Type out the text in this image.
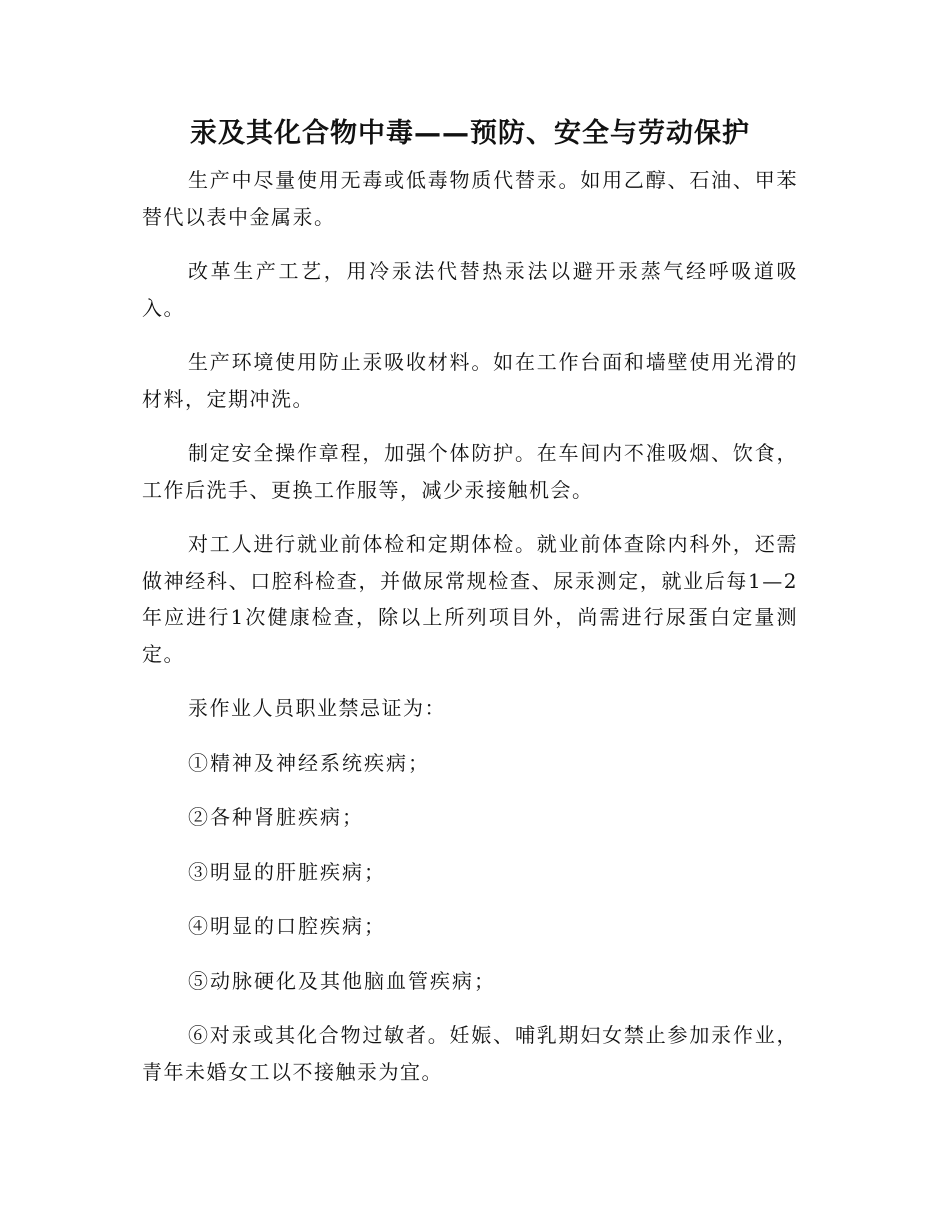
汞及其化合物中毒——预防、安全与劳动保护

生产中尽量使用无毒或低毒物质代替汞。如用乙醇、石油、甲苯替代以表中金属汞。

改革生产工艺，用冷汞法代替热汞法以避开汞蒸气经呼吸道吸入。

生产环境使用防止汞吸收材料。如在工作台面和墙壁使用光滑的材料，定期冲洗。

制定安全操作章程，加强个体防护。在车间内不准吸烟、饮食，工作后洗手、更换工作服等，减少汞接触机会。

对工人进行就业前体检和定期体检。就业前体查除内科外，还需做神经科、口腔科检查，并做尿常规检查、尿汞测定，就业后每1—2年应进行1次健康检查，除以上所列项目外，尚需进行尿蛋白定量测定。

汞作业人员职业禁忌证为：

①精神及神经系统疾病；

②各种肾脏疾病；

③明显的肝脏疾病；

④明显的口腔疾病；

⑤动脉硬化及其他脑血管疾病；

⑥对汞或其化合物过敏者。妊娠、哺乳期妇女禁止参加汞作业，青年未婚女工以不接触汞为宜。
